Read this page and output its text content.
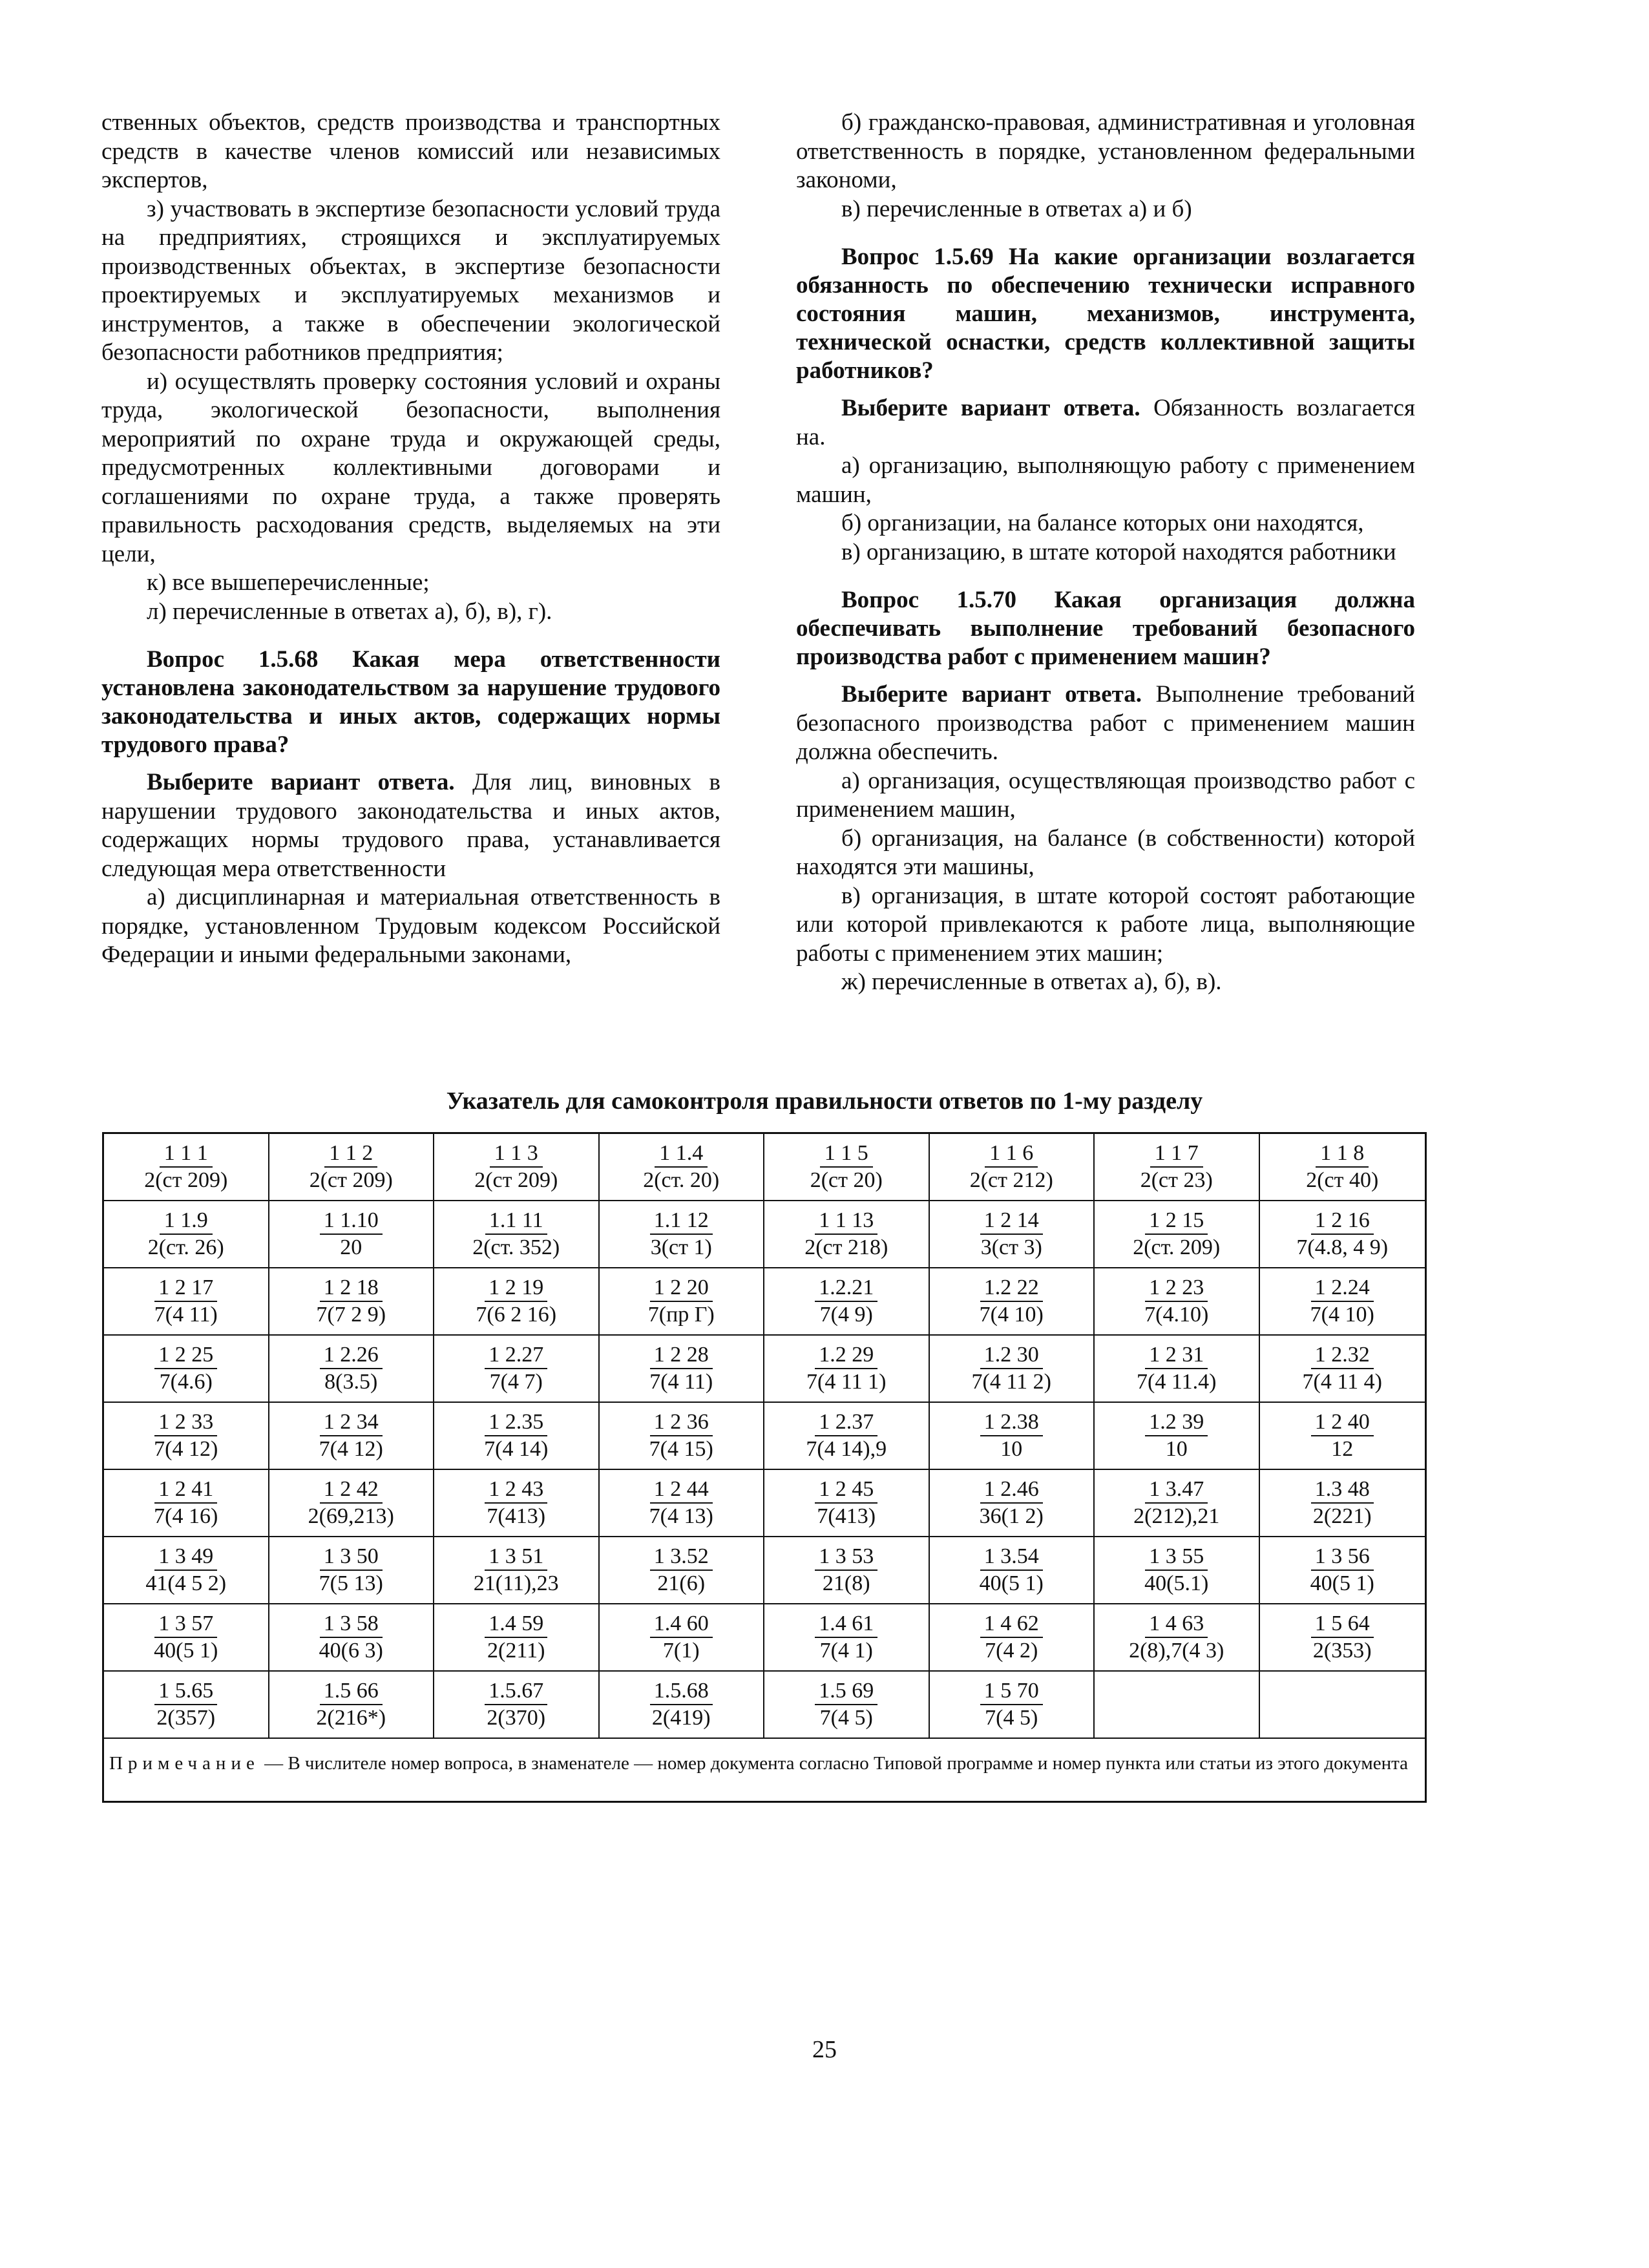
ственных объектов, средств производства и транспортных средств в качестве членов комиссий или независимых экспертов,

з) участвовать в экспертизе безопасности условий труда на предприятиях, строящихся и эксплуатируемых производственных объектах, в экспертизе безопасности проектируемых и эксплуатируемых механизмов и инструментов, а также в обеспечении экологической безопасности работников предприятия;

и) осуществлять проверку состояния условий и охраны труда, экологической безопасности, выполнения мероприятий по охране труда и окружающей среды, предусмотренных коллективными договорами и соглашениями по охране труда, а также проверять правильность расходования средств, выделяемых на эти цели,

к) все вышеперечисленные;

л) перечисленные в ответах а), б), в), г).

Вопрос 1.5.68 Какая мера ответственности установлена законодательством за нарушение трудового законодательства и иных актов, содержащих нормы трудового права?

Выберите вариант ответа. Для лиц, виновных в нарушении трудового законодательства и иных актов, содержащих нормы трудового права, устанавливается следующая мера ответственности

а) дисциплинарная и материальная ответственность в порядке, установленном Трудовым кодексом Российской Федерации и иными федеральными законами,

б) гражданско-правовая, административная и уголовная ответственность в порядке, установленном федеральными закономи,

в) перечисленные в ответах а) и б)

Вопрос 1.5.69 На какие организации возлагается обязанность по обеспечению технически исправного состояния машин, механизмов, инструмента, технической оснастки, средств коллективной защиты работников?

Выберите вариант ответа. Обязанность возлагается на.

а) организацию, выполняющую работу с применением машин,

б) организации, на балансе которых они находятся,

в) организацию, в штате которой находятся работники

Вопрос 1.5.70 Какая организация должна обеспечивать выполнение требований безопасного производства работ с применением машин?

Выберите вариант ответа. Выполнение требований безопасного производства работ с применением машин должна обеспечить.

а) организация, осуществляющая производство работ с применением машин,

б) организация, на балансе (в собственности) которой находятся эти машины,

в) организация, в штате которой состоят работающие или которой привлекаются к работе лица, выполняющие работы с применением этих машин;

ж) перечисленные в ответах а), б), в).

Указатель для самоконтроля правильности ответов по 1-му разделу
$\frac{1 1 1}{2(ст 209)} \frac{1 1 2}{2(ст 209)} \frac{1 1 3}{2(ст 209)} \frac{1 1.4}{2(ст. 20)} \frac{1 1 5}{2(ст 20)} \frac{1 1 6}{2(ст 212)} \frac{1 1 7}{2(ст 23)} \frac{1 1 8}{2(ст 40)}$
$\frac{1 1.9}{2(ст. 26)} \frac{1 1.10}{20} \frac{1.1 11}{2(ст. 352)} \frac{1.1 12}{3(ст 1)} \frac{1 1 13}{2(ст 218)} \frac{1 2 14}{3(ст 3)} \frac{1 2 15}{2(ст. 209)} \frac{1 2 16}{7(4.8, 4 9)}$
$\frac{1 2 17}{7(4 11)} \frac{1 2 18}{7(7 2 9)} \frac{1 2 19}{7(6 2 16)} \frac{1 2 20}{\text{7(пр Г)}} \frac{1.2.21}{7(4 9)} \frac{1.2 22}{7(4 10)} \frac{1 2 23}{7(4.10)} \frac{1 2.24}{7(4 10)}$
$\frac{1 2 25}{7(4.6)} \frac{1 2.26}{8(3.5)} \frac{1 2.27}{7(4 7)} \frac{1 2 28}{7(4 11)} \frac{1.2 29}{7(4 11 1)} \frac{1.2 30}{7(4 11 2)} \frac{1 2 31}{7(4 11.4)} \frac{1 2.32}{7(4 11 4)}$
$\frac{1 2 33}{7(4 12)} \frac{1 2 34}{7(4 12)} \frac{1 2.35}{7(4 14)} \frac{1 2 36}{7(4 15)} \frac{1 2.37}{7(4 14),9} \frac{1 2.38}{10} \frac{1.2 39}{10} \frac{1 2 40}{12}$
$\frac{1 2 41}{7(4 16)} \frac{1 2 42}{2(69,213)} \frac{1 2 43}{7(413)} \frac{1 2 44}{7(4 13)} \frac{1 2 45}{7(413)} \frac{1 2.46}{36(1 2)} \frac{1 3.47}{2(212),21} \frac{1.3 48}{2(221)}$
$\frac{1 3 49}{41(4 5 2)} \frac{1 3 50}{7(5 13)} \frac{1 3 51}{21(11),23} \frac{1 3.52}{21(6)} \frac{1 3 53}{21(8)} \frac{1 3.54}{40(5 1)} \frac{1 3 55}{40(5.1)} \frac{1 3 56}{40(5 1)}$
$\frac{1 3 57}{40(5 1)} \frac{1 3 58}{40(6 3)} \frac{1.4 59}{2(211)} \frac{1.4 60}{7(1)} \frac{1.4 61}{7(4 1)} \frac{1 4 62}{7(4 2)} \frac{1 4 63}{2(8),7(4 3)} \frac{1 5 64}{2(353)}$
$\frac{1 5.65}{2(357)} \frac{1.5 66}{2(216*)} \frac{1.5.67}{2(370)} \frac{1.5.68}{2(419)} \frac{1.5 69}{7(4 5)} \frac{1 5 70}{7(4 5)}$
Примечание — В числителе номер вопроса, в знаменателе — номер документа согласно Типовой программе и номер пункта или статьи из этого документа
25
